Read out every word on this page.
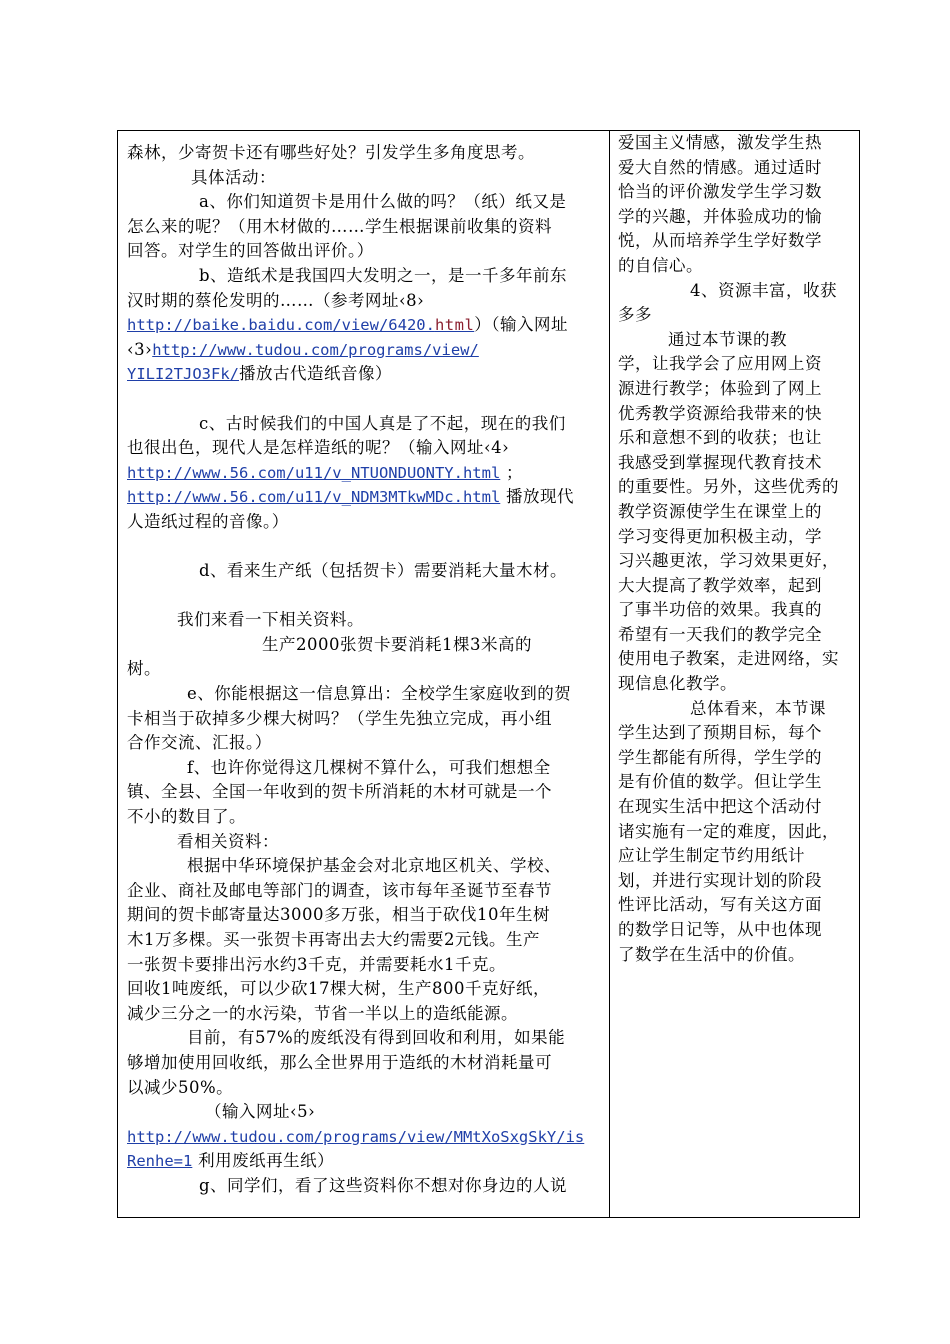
森林，少寄贺卡还有哪些好处？引发学生多角度思考。
具体活动：
a、你们知道贺卡是用什么做的吗？（纸）纸又是
怎么来的呢？（用木材做的……学生根据课前收集的资料
回答。对学生的回答做出评价。）
b、造纸术是我国四大发明之一，是一千多年前东
汉时期的蔡伦发明的……（参考网址‹8›
http://baike.baidu.com/view/6420.html）（输入网址
‹3›http://www.tudou.com/programs/view/
YILI2TJO3Fk/播放古代造纸音像）
c、古时候我们的中国人真是了不起，现在的我们
也很出色，现代人是怎样造纸的呢？（输入网址‹4›
http://www.56.com/u11/v_NTUONDUONTY.html ；
http://www.56.com/u11/v_NDM3MTkwMDc.html 播放现代
人造纸过程的音像。）
d、看来生产纸（包括贺卡）需要消耗大量木材。
我们来看一下相关资料。
生产2000张贺卡要消耗1棵3米高的
树。
e、你能根据这一信息算出：全校学生家庭收到的贺
卡相当于砍掉多少棵大树吗？（学生先独立完成，再小组
合作交流、汇报。）
f、也许你觉得这几棵树不算什么，可我们想想全
镇、全县、全国一年收到的贺卡所消耗的木材可就是一个
不小的数目了。
看相关资料：
根据中华环境保护基金会对北京地区机关、学校、
企业、商社及邮电等部门的调查，该市每年圣诞节至春节
期间的贺卡邮寄量达3000多万张，相当于砍伐10年生树
木1万多棵。买一张贺卡再寄出去大约需要2元钱。生产
一张贺卡要排出污水约3千克，并需要耗水1千克。
回收1吨废纸，可以少砍17棵大树，生产800千克好纸，
减少三分之一的水污染，节省一半以上的造纸能源。
目前，有57%的废纸没有得到回收和利用，如果能
够增加使用回收纸，那么全世界用于造纸的木材消耗量可
以减少50%。
（输入网址‹5›
http://www.tudou.com/programs/view/MMtXoSxgSkY/is
Renhe=1 利用废纸再生纸）
g、同学们，看了这些资料你不想对你身边的人说
爱国主义情感，激发学生热
爱大自然的情感。通过适时
恰当的评价激发学生学习数
学的兴趣，并体验成功的愉
悦，从而培养学生学好数学
的自信心。
4、资源丰富，收获
多多
通过本节课的教
学，让我学会了应用网上资
源进行教学；体验到了网上
优秀教学资源给我带来的快
乐和意想不到的收获；也让
我感受到掌握现代教育技术
的重要性。另外，这些优秀的
教学资源使学生在课堂上的
学习变得更加积极主动，学
习兴趣更浓，学习效果更好，
大大提高了教学效率，起到
了事半功倍的效果。我真的
希望有一天我们的教学完全
使用电子教案，走进网络，实
现信息化教学。
总体看来，本节课
学生达到了预期目标，每个
学生都能有所得，学生学的
是有价值的数学。但让学生
在现实生活中把这个活动付
诸实施有一定的难度，因此，
应让学生制定节约用纸计
划，并进行实现计划的阶段
性评比活动，写有关这方面
的数学日记等，从中也体现
了数学在生活中的价值。
